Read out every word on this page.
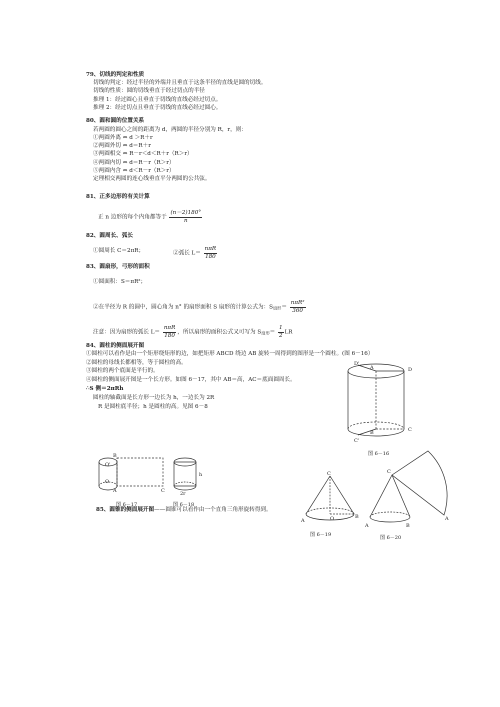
79、切线的判定和性质
切线的判定：经过半径的外端并且垂直于这条半径的直线是圆的切线。
切线的性质：圆的切线垂直于经过切点的半径
推理 1：经过圆心且垂直于切线的直线必经过切点。
推理 2：经过切点且垂直于切线的直线必经过圆心。
80、圆和圆的位置关系
若两圆的圆心之间的距离为 d，两圆的半径分别为 R，r，则：
①两圆外离 ⇔ d ＞R＋r
②两圆外切 ⇔ d＝R＋r
③两圆相交 ⇔ R－r＜d＜R＋r（R＞r）
④两圆内切 ⇔ d＝R－r（R＞r）
⑤两圆内含 ⇔ d＜R－r（R＞r）
定理相交两圆的连心线垂直平分两圆的公共弦。
81、正多边形的有关计算
正 n 边形的每个内角都等于 $\frac{(n-2)180^\circ}{n}$
82、圆周长、弧长
①圆周长 C＝2πR；	②弧长 $L= \frac{\text{nπR}}{180}$
83、圆扇形，弓形的面积
①圆面积：S＝πR²；
②在半径为 R 的圆中，圆心角为 n° 的扇形面积 S 扇形的计算公式为：$S_{扇形}= \frac{\text{nπR²}}{360}$
注意：因为扇形的弧长 $L= \frac{\text{nπR}}{180}$ ，所以扇形的面积公式又可写为 $S_{扇形}= \frac{1}{2}$ LR
84、圆柱的侧面展开图
①圆柱可以看作是由一个矩形绕矩形的边，如把矩形 ABCD 绕边 AB 旋转一周得到的图形是一个圆柱。(图 6－16）
②圆柱的母线长都相等，等于圆柱的高。
③圆柱的两个底面是平行的。
④圆柱的侧面展开图是一个长方形。如图 6－17，其中 AB＝高，AC＝底面圆周长。
∴S 侧＝2πRh
圆柱的轴截面是长方形一边长为 h，一边长为 2R
R 是圆柱底半径；h 是圆柱的高。见图 6－8
D'
A	D
B	C
C'
图 6－16
O'
O
A	C
B
图 6－17
h
2r
图 6－18
85、圆锥的侧面展开图——圆锥可以看作由一个直角三角形旋转得到。
C
O	B
A
图 6－19
C
A	B
A
图 6－20
